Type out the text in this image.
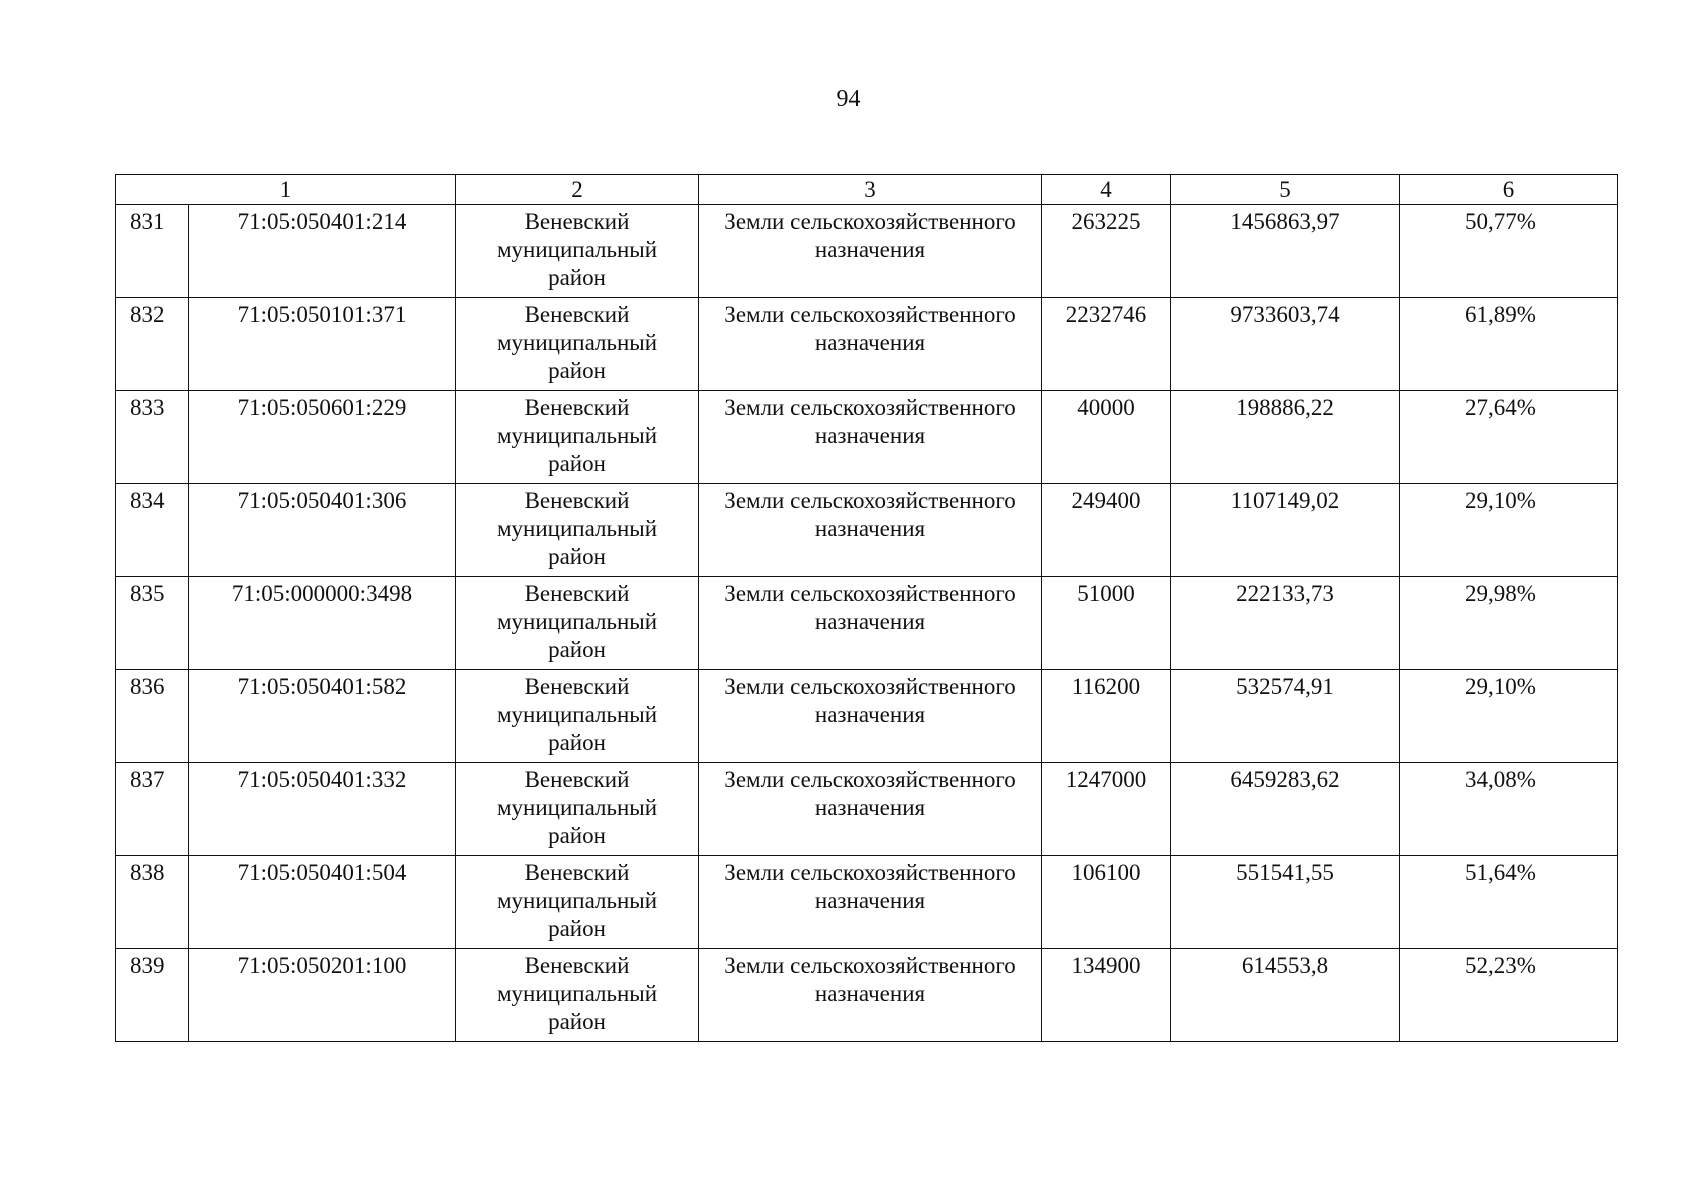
94
1		2	3	4	5	6
831	71:05:050401:214	Веневский
муниципальный
район	Земли сельскохозяйственного
назначения	263225	1456863,97	50,77%
832	71:05:050101:371	Веневский
муниципальный
район	Земли сельскохозяйственного
назначения	2232746	9733603,74	61,89%
833	71:05:050601:229	Веневский
муниципальный
район	Земли сельскохозяйственного
назначения	40000	198886,22	27,64%
834	71:05:050401:306	Веневский
муниципальный
район	Земли сельскохозяйственного
назначения	249400	1107149,02	29,10%
835	71:05:000000:3498	Веневский
муниципальный
район	Земли сельскохозяйственного
назначения	51000	222133,73	29,98%
836	71:05:050401:582	Веневский
муниципальный
район	Земли сельскохозяйственного
назначения	116200	532574,91	29,10%
837	71:05:050401:332	Веневский
муниципальный
район	Земли сельскохозяйственного
назначения	1247000	6459283,62	34,08%
838	71:05:050401:504	Веневский
муниципальный
район	Земли сельскохозяйственного
назначения	106100	551541,55	51,64%
839	71:05:050201:100	Веневский
муниципальный
район	Земли сельскохозяйственного
назначения	134900	614553,8	52,23%
